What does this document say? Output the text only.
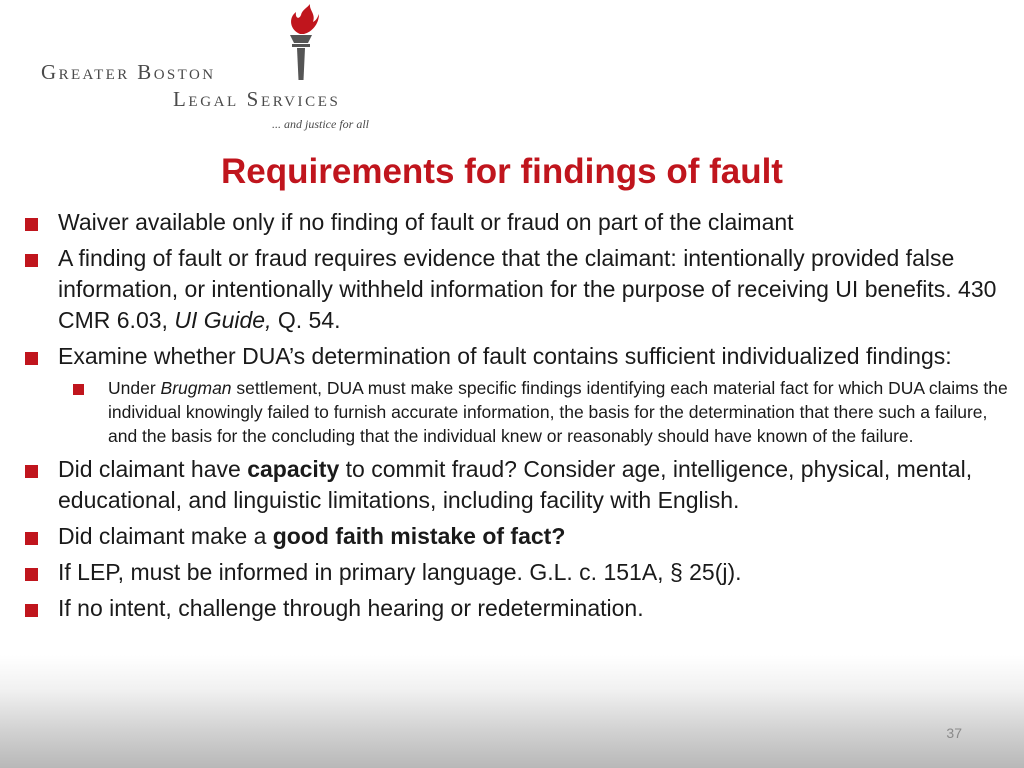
Greater Boston
Legal Services
... and justice for all
Requirements for findings of fault
Waiver available only if no finding of fault or fraud on part of the claimant
A finding of fault or fraud requires evidence that the claimant: intentionally provided false information, or intentionally withheld information for the purpose of receiving UI benefits. 430 CMR 6.03, UI Guide, Q. 54.
Examine whether DUA’s determination of fault contains sufficient individualized findings:
Under Brugman settlement, DUA must make specific findings identifying each material fact for which DUA claims the individual knowingly failed to furnish accurate information, the basis for the determination that there such a failure, and the basis for the concluding that the individual knew or reasonably should have known of the failure.
Did claimant have capacity to commit fraud? Consider age, intelligence, physical, mental, educational, and linguistic limitations, including facility with English.
Did claimant make a good faith mistake of fact?
If LEP, must be informed in primary language. G.L. c. 151A, § 25(j).
If no intent, challenge through hearing or redetermination.
37
